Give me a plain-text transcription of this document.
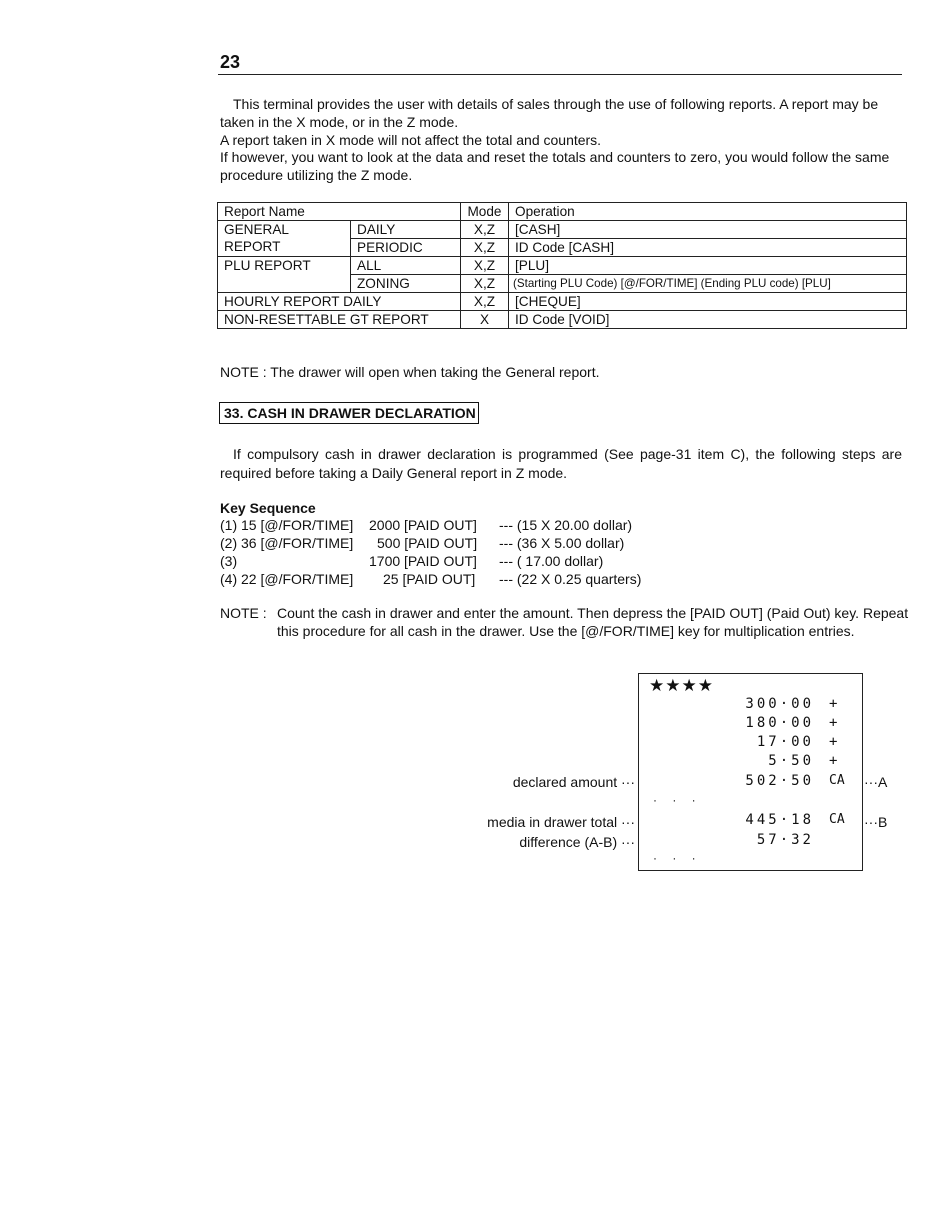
23

This terminal provides the user with details of sales through the use of following reports. A report may be taken in the X mode, or in the Z mode.

A report taken in X mode will not affect the total and counters.

If however, you want to look at the data and reset the totals and counters to zero, you would follow the same procedure utilizing the Z mode.

Report Name		Mode	Operation
GENERAL	DAILY	X,Z	[CASH]
REPORT	PERIODIC	X,Z	ID Code [CASH]
PLU REPORT	ALL	X,Z	[PLU]
	ZONING	X,Z	(Starting PLU Code) [@/FOR/TIME] (Ending PLU code) [PLU]
HOURLY REPORT DAILY		X,Z	[CHEQUE]
NON-RESETTABLE GT REPORT		X	ID Code [VOID]
NOTE : The drawer will open when taking the General report.
33. CASH IN DRAWER DECLARATION
If compulsory cash in drawer declaration is programmed (See page-31 item C), the following steps are required before taking a Daily General report in Z mode.
Key Sequence
(1) 15 [@/FOR/TIME] 2000 [PAID OUT] --- (15 X 20.00 dollar)
(2) 36 [@/FOR/TIME] 500 [PAID OUT] --- (36 X 5.00 dollar)
(3)	1700 [PAID OUT] --- ( 17.00 dollar)
(4) 22 [@/FOR/TIME] 25 [PAID OUT] --- (22 X 0.25 quarters)
NOTE : Count the cash in drawer and enter the amount. Then depress the [PAID OUT] (Paid Out) key. Repeat this procedure for all cash in the drawer. Use the [@/FOR/TIME] key for multiplication entries.
★★★★
300·00 +
180·00 +
17·00 +
5·50 +
502·50 CA
· · ·
445·18 CA
57·32
· · ·
declared amount ···
media in drawer total ···
difference (A-B) ···
···A
···B
